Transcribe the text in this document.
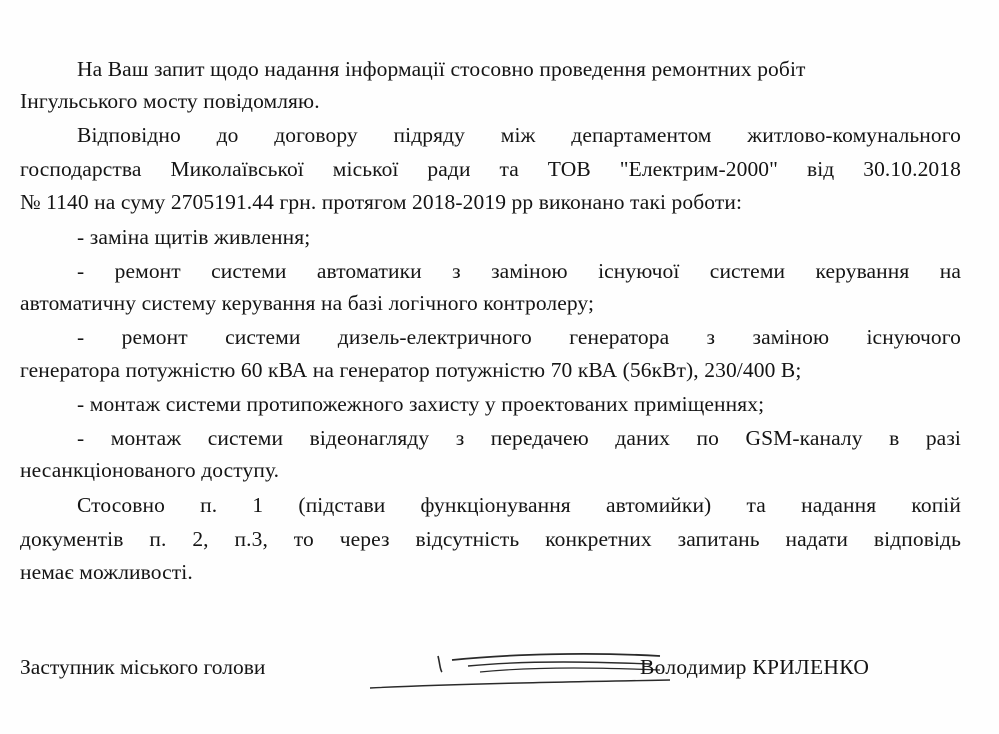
На Ваш запит щодо надання інформації стосовно проведення ремонтних робіт
Інгульського мосту повідомляю.
Відповідно до договору підряду між департаментом житлово-комунального
господарства Миколаївської міської ради та ТОВ "Електрим-2000" від 30.10.2018
№ 1140 на суму 2705191.44 грн. протягом 2018-2019 рр виконано такі роботи:
- заміна щитів живлення;
- ремонт системи автоматики з заміною існуючої системи керування на
автоматичну систему керування на базі логічного контролеру;
- ремонт системи дизель-електричного генератора з заміною існуючого
генератора потужністю 60 кВА на генератор потужністю 70 кВА (56кВт), 230/400 В;
- монтаж системи протипожежного захисту у проектованих приміщеннях;
- монтаж системи відеонагляду з передачею даних по GSM-каналу в разі
несанкціонованого доступу.
Стосовно п. 1 (підстави функціонування автомийки) та надання копій
документів п. 2, п.3, то через відсутність конкретних запитань надати відповідь
немає можливості.
Заступник міського голови	Володимир КРИЛЕНКО
